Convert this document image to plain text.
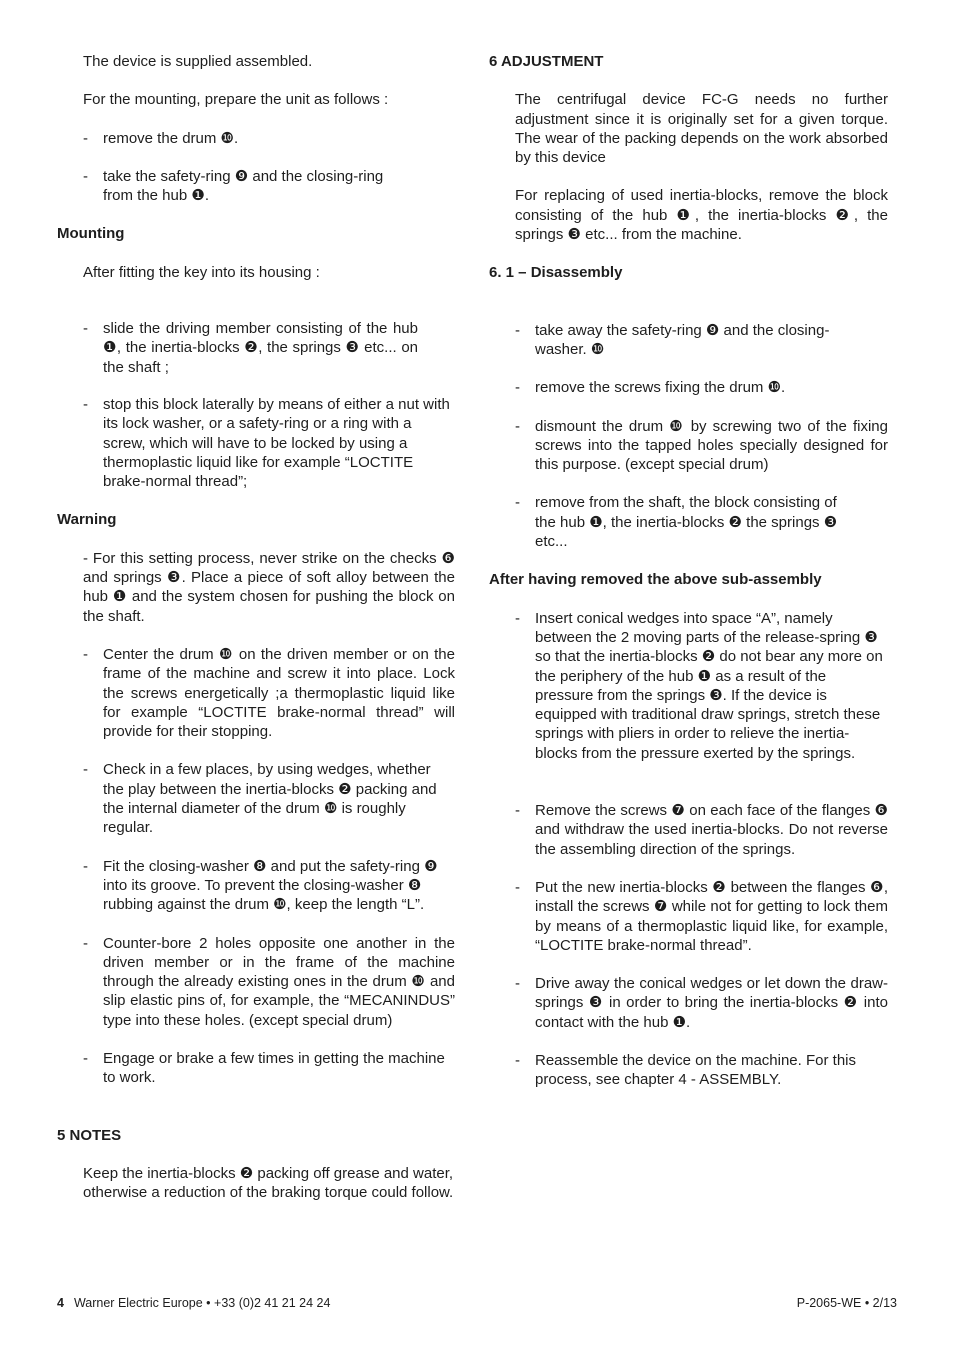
The device is supplied assembled.

For the mounting, prepare the unit as follows :

-	remove the drum ❿.
-	take the safety-ring ❾ and the closing-ring from the hub ❶.

Mounting

After fitting the key into its housing :

-	slide the driving member consisting of the hub ❶, the inertia-blocks ❷, the springs ❸ etc... on the shaft ;
-	stop this block laterally by means of either a nut with its lock washer, or a safety-ring or a ring with a screw, which will have to be locked by using a thermoplastic liquid like for example “LOCTITE brake-normal thread”;

Warning

- For this setting process, never strike on the checks ❻ and springs ❸. Place a piece of soft alloy between the hub ❶ and the system chosen for pushing the block on the shaft.

-	Center the drum ❿ on the driven member or on the frame of the machine and screw it into place. Lock the screws energetically ;a thermoplastic liquid like for example “LOCTITE brake-normal thread” will provide for their stopping.
-	Check in a few places, by using wedges, whether the play between the inertia-blocks ❷ packing and the internal diameter of the drum ❿ is roughly regular.
-	Fit the closing-washer ❽ and put the safety-ring ❾ into its groove. To prevent the closing-washer ❽ rubbing against the drum ❿, keep the length “L”.
-	Counter-bore 2 holes opposite one another in the driven member or in the frame of the machine through the already existing ones in the drum ❿ and slip elastic pins of, for example, the “MECANINDUS” type into these holes. (except special drum)
-	Engage or brake a few times in getting the machine to work.

5 NOTES

Keep the inertia-blocks ❷ packing off grease and water, otherwise a reduction of the braking torque could follow.

6 ADJUSTMENT

The centrifugal device FC-G needs no further adjustment since it is originally set for a given torque. The wear of the packing depends on the work absorbed by this device

For replacing of used inertia-blocks, remove the block consisting of the hub ❶, the inertia-blocks ❷, the springs ❸ etc... from the machine.

6. 1 – Disassembly

-	take away the safety-ring ❾ and the closing-washer. ❿
-	remove the screws fixing the drum ❿.
-	dismount the drum ❿ by screwing two of the fixing screws into the tapped holes specially designed for this purpose. (except special drum)
-	remove from the shaft, the block consisting of the hub ❶, the inertia-blocks ❷ the springs ❸ etc...

After having removed the above sub-assembly

-	Insert conical wedges into space “A”, namely between the 2 moving parts of the release-spring ❸ so that the inertia-blocks ❷ do not bear any more on the periphery of the hub ❶ as a result of the pressure from the springs ❸. If the device is equipped with traditional draw springs, stretch these springs with pliers in order to relieve the inertia-blocks from the pressure exerted by the springs.
-	Remove the screws ❼ on each face of the flanges ❻ and withdraw the used inertia-blocks. Do not reverse the assembling direction of the springs.
-	Put the new inertia-blocks ❷ between the flanges ❻, install the screws ❼ while not for getting to lock them by means of a thermoplastic liquid like, for example, “LOCTITE brake-normal thread”.
-	Drive away the conical wedges or let down the draw-springs ❸ in order to bring the inertia-blocks ❷ into contact with the hub ❶.
-	Reassemble the device on the machine. For this process, see chapter 4 - ASSEMBLY.
4 Warner Electric Europe • +33 (0)2 41 21 24 24	P-2065-WE • 2/13
